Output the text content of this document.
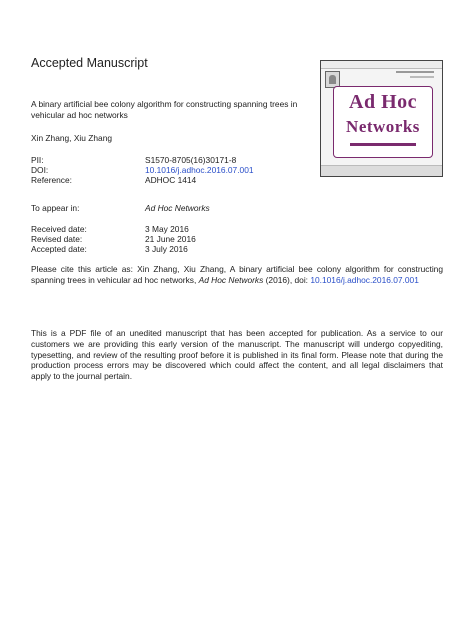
Accepted Manuscript
Ad Hoc
Networks
A binary artificial bee colony algorithm for constructing spanning trees in vehicular ad hoc networks
Xin Zhang, Xiu Zhang
PII:	S1570-8705(16)30171-8
DOI:	10.1016/j.adhoc.2016.07.001
Reference:	ADHOC 1414
To appear in:	Ad Hoc Networks
Received date:	3 May 2016
Revised date:	21 June 2016
Accepted date:	3 July 2016
Please cite this article as: Xin Zhang, Xiu Zhang, A binary artificial bee colony algorithm for constructing spanning trees in vehicular ad hoc networks, Ad Hoc Networks (2016), doi: 10.1016/j.adhoc.2016.07.001
This is a PDF file of an unedited manuscript that has been accepted for publication. As a service to our customers we are providing this early version of the manuscript. The manuscript will undergo copyediting, typesetting, and review of the resulting proof before it is published in its final form. Please note that during the production process errors may be discovered which could affect the content, and all legal disclaimers that apply to the journal pertain.
